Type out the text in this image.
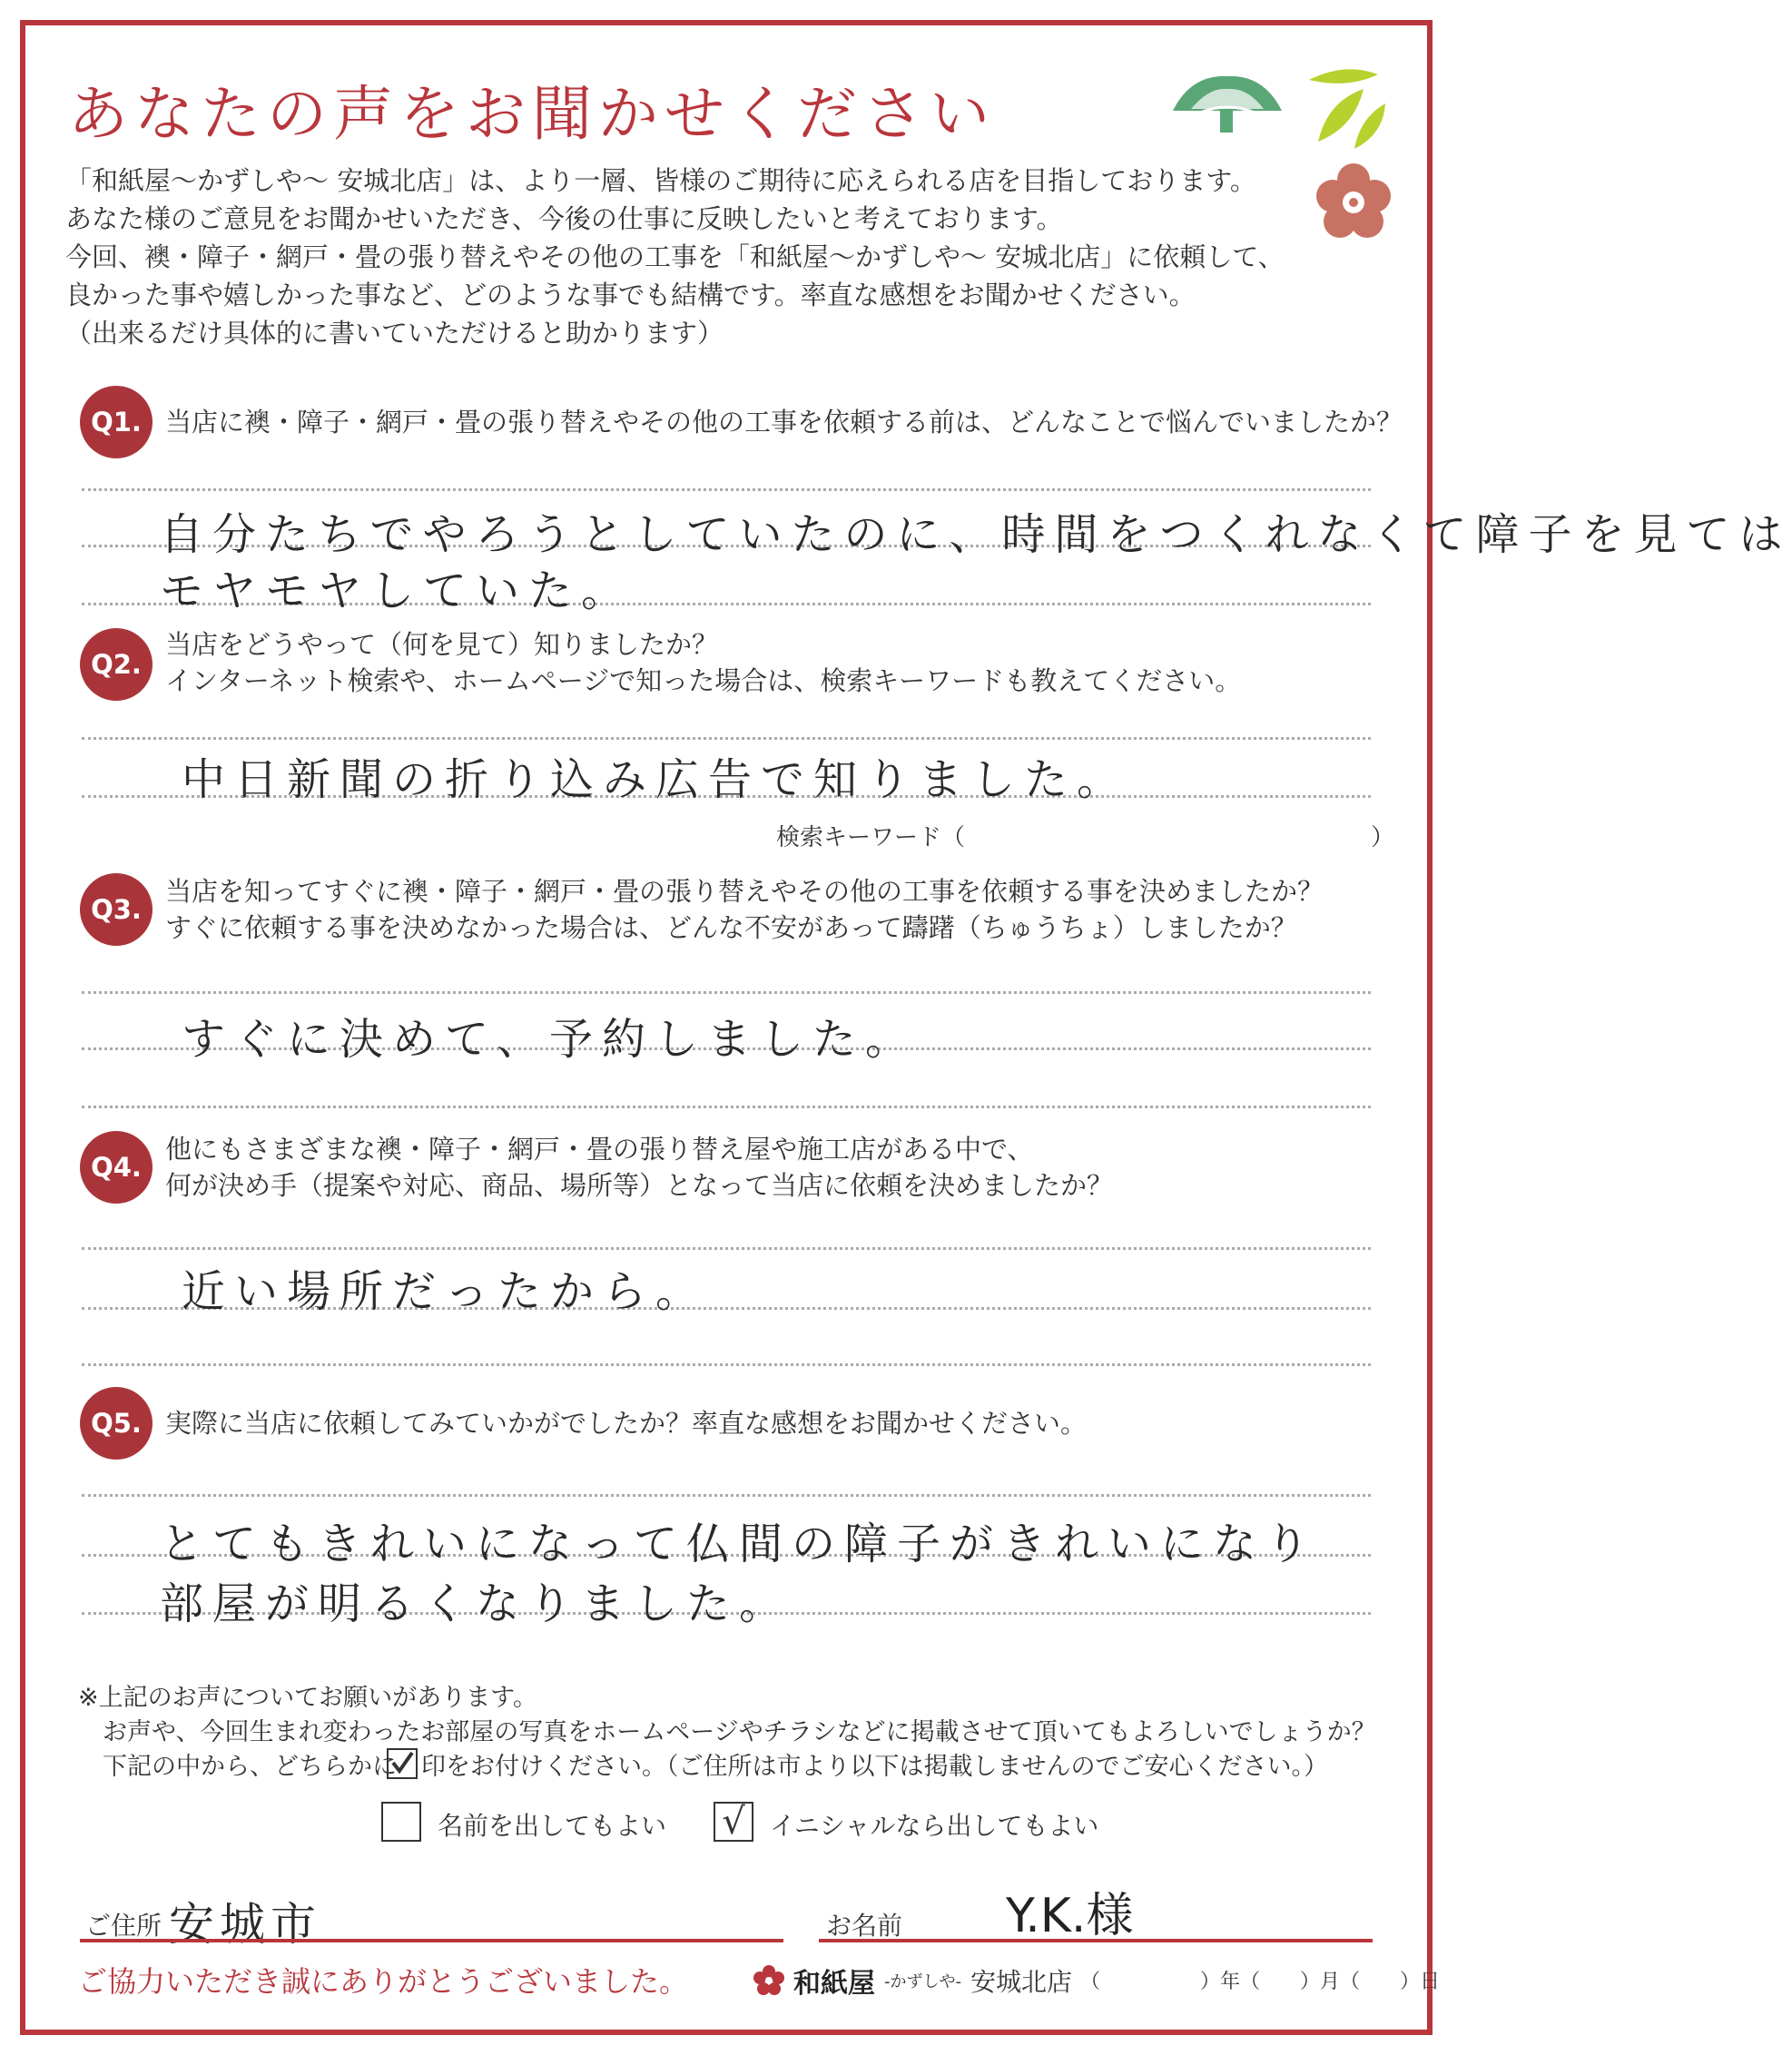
あなたの声をお聞かせください
「和紙屋～かずしや～ 安城北店」は、より一層、皆様のご期待に応えられる店を目指しております。
あなた様のご意見をお聞かせいただき、今後の仕事に反映したいと考えております。
今回、襖・障子・網戸・畳の張り替えやその他の工事を「和紙屋～かずしや～ 安城北店」に依頼して、
良かった事や嬉しかった事など、どのような事でも結構です。率直な感想をお聞かせください。
（出来るだけ具体的に書いていただけると助かります）
Q1. 当店に襖・障子・網戸・畳の張り替えやその他の工事を依頼する前は、どんなことで悩んでいましたか？
自分たちでやろうとしていたのに、時間をつくれなくて障子を見ては
モヤモヤしていた。
Q2.
当店をどうやって（何を見て）知りましたか？
インターネット検索や、ホームページで知った場合は、検索キーワードも教えてください。
中日新聞の折り込み広告で知りました。
検索キーワード（	）
Q3.
当店を知ってすぐに襖・障子・網戸・畳の張り替えやその他の工事を依頼する事を決めましたか？
すぐに依頼する事を決めなかった場合は、どんな不安があって躊躇（ちゅうちょ）しましたか？
すぐに決めて、予約しました。
Q4.
他にもさまざまな襖・障子・網戸・畳の張り替え屋や施工店がある中で、
何が決め手（提案や対応、商品、場所等）となって当店に依頼を決めましたか？
近い場所だったから。
Q5. 実際に当店に依頼してみていかがでしたか？率直な感想をお聞かせください。
とてもきれいになって仏間の障子がきれいになり
部屋が明るくなりました。
※上記のお声についてお願いがあります。
　お声や、今回生まれ変わったお部屋の写真をホームページやチラシなどに掲載させて頂いてもよろしいでしょうか？
　下記の中から、どちらかに　印をお付けください。（ご住所は市より以下は掲載しませんのでご安心ください。）
名前を出してもよい √ イニシャルなら出してもよい
ご住所 安城市	お名前 Y.K.様
ご協力いただき誠にありがとうございました。	和紙屋 -かずしや- 安城北店 （　　　　　）年（　　）月（　　）日
